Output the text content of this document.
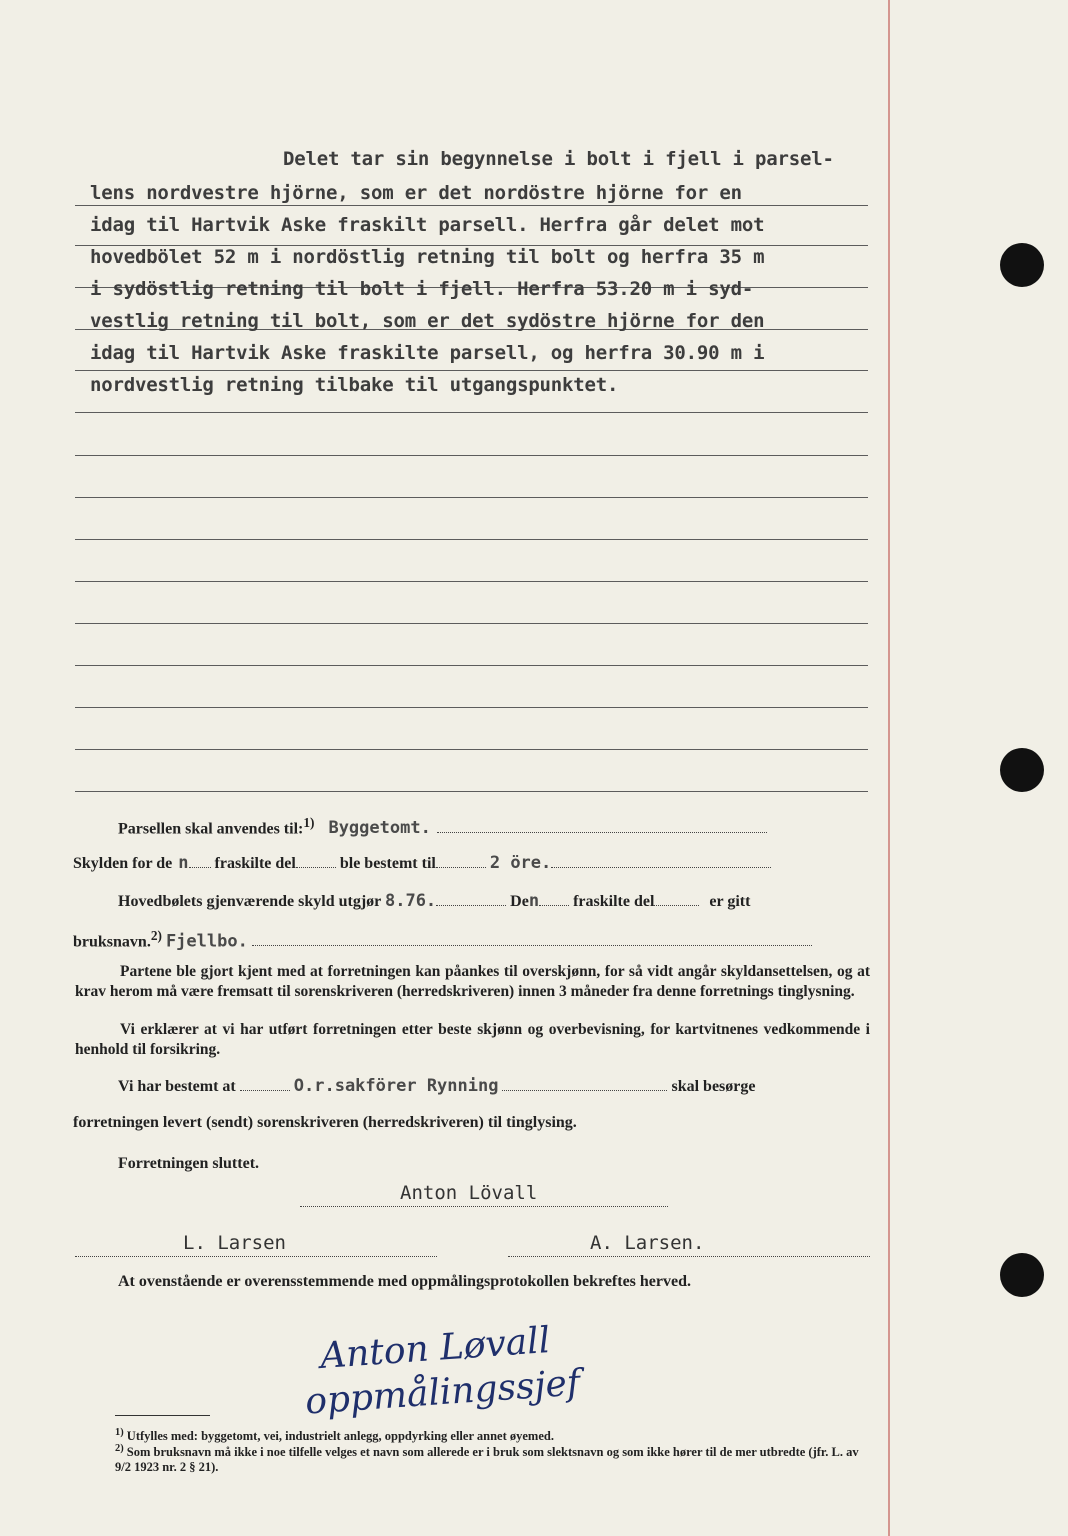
Delet tar sin begynnelse i bolt i fjell i parsel-
lens nordvestre hjörne, som er det nordöstre hjörne for en
idag til Hartvik Aske fraskilt parsell. Herfra går delet mot
hovedbölet 52 m i nordöstlig retning til bolt og herfra 35 m
i sydöstlig retning til bolt i fjell. Herfra 53.20 m i syd-
vestlig retning til bolt, som er det sydöstre hjörne for den
idag til Hartvik Aske fraskilte parsell, og herfra 30.90 m i
nordvestlig retning tilbake til utgangspunktet.
Parsellen skal anvendes til:$^{1)}$ Byggetomt.
Skylden for de n fraskilte del	ble bestemt til	2 öre.
Hovedbølets gjenværende skyld utgjør 8.76.	Den fraskilte del	er gitt
bruksnavn.$^{2)}$ Fjellbo.
Partene ble gjort kjent med at forretningen kan påankes til overskjønn, for så vidt angår skyldansettelsen, og at krav herom må være fremsatt til sorenskriveren (herredskriveren) innen 3 måneder fra denne forretnings tinglysning.
Vi erklærer at vi har utført forretningen etter beste skjønn og overbevisning, for kartvitnenes vedkommende i henhold til forsikring.
Vi har bestemt at	O.r.sakförer Rynning	skal besørge
forretningen levert (sendt) sorenskriveren (herredskriveren) til tinglysing.
Forretningen sluttet.
Anton Lövall
L. Larsen	A. Larsen.
At ovenstående er overensstemmende med oppmålingsprotokollen bekreftes herved.
Anton Løvall
oppmålingssjef
$^{1)}$ Utfylles med: byggetomt, vei, industrielt anlegg, oppdyrking eller annet øyemed.
$^{2)}$ Som bruksnavn må ikke i noe tilfelle velges et navn som allerede er i bruk som slektsnavn og som ikke hører til de mer utbredte (jfr. L. av 9/2 1923 nr. 2 § 21).
